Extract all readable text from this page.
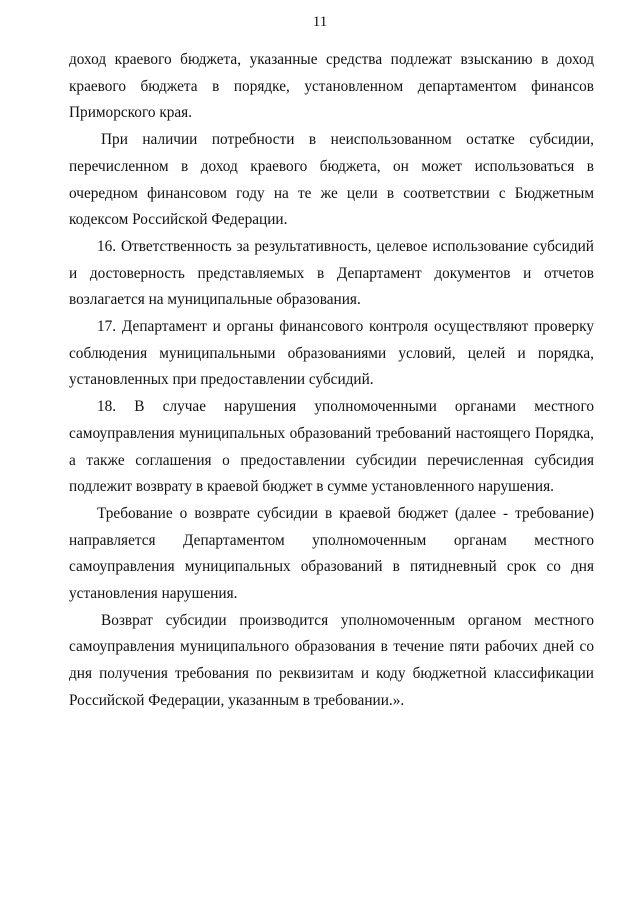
11

доход краевого бюджета, указанные средства подлежат взысканию в доход краевого бюджета в порядке, установленном департаментом финансов Приморского края.

При наличии потребности в неиспользованном остатке субсидии, перечисленном в доход краевого бюджета, он может использоваться в очередном финансовом году на те же цели в соответствии с Бюджетным кодексом Российской Федерации.

16. Ответственность за результативность, целевое использование субсидий и достоверность представляемых в Департамент документов и отчетов возлагается на муниципальные образования.

17. Департамент и органы финансового контроля осуществляют проверку соблюдения муниципальными образованиями условий, целей и порядка, установленных при предоставлении субсидий.

18. В случае нарушения уполномоченными органами местного самоуправления муниципальных образований требований настоящего Порядка, а также соглашения о предоставлении субсидии перечисленная субсидия подлежит возврату в краевой бюджет в сумме установленного нарушения.

Требование о возврате субсидии в краевой бюджет (далее - требование) направляется Департаментом уполномоченным органам местного самоуправления муниципальных образований в пятидневный срок со дня установления нарушения.

Возврат субсидии производится уполномоченным органом местного самоуправления муниципального образования в течение пяти рабочих дней со дня получения требования по реквизитам и коду бюджетной классификации Российской Федерации, указанным в требовании.».
